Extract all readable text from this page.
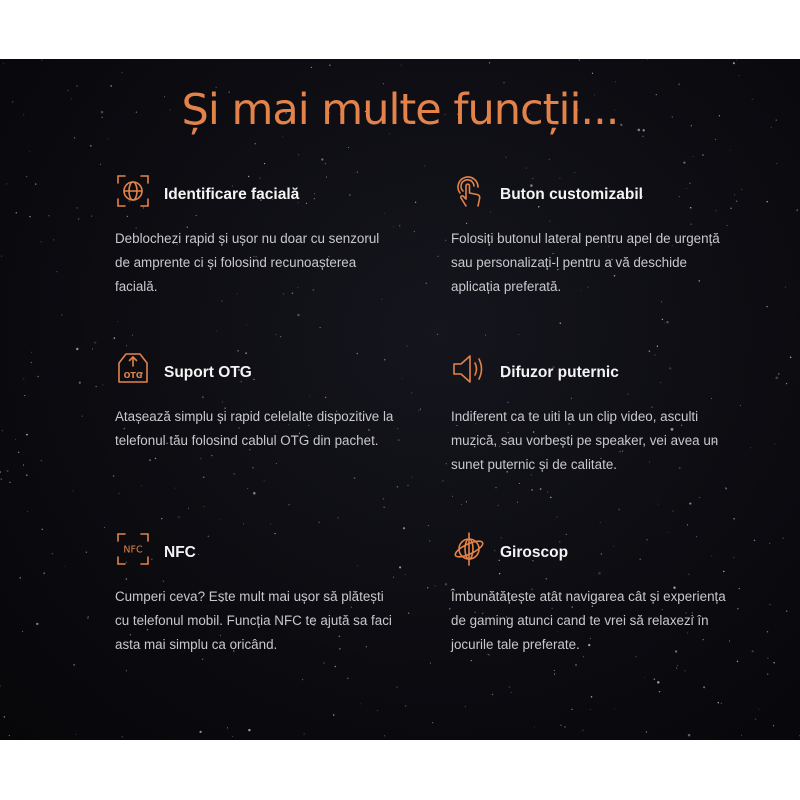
Și mai multe funcții...
Identificare facială

Deblochezi rapid și ușor nu doar cu senzorul de amprente ci și folosind recunoașterea facială.

Buton customizabil

Folosiți butonul lateral pentru apel de urgență sau personalizați-l pentru a vă deschide aplicația preferată.

OTG Suport OTG

Atașează simplu și rapid celelalte dispozitive la telefonul tău folosind cablul OTG din pachet.

Difuzor puternic

Indiferent ca te uiti la un clip video, asculti muzică, sau vorbești pe speaker, vei avea un sunet puternic și de calitate.

NFC NFC

Cumperi ceva? Este mult mai ușor să plătești cu telefonul mobil. Funcția NFC te ajută sa faci asta mai simplu ca oricând.

Giroscop

Îmbunătățește atât navigarea cât și experiența de gaming atunci cand te vrei să relaxezi în jocurile tale preferate.
